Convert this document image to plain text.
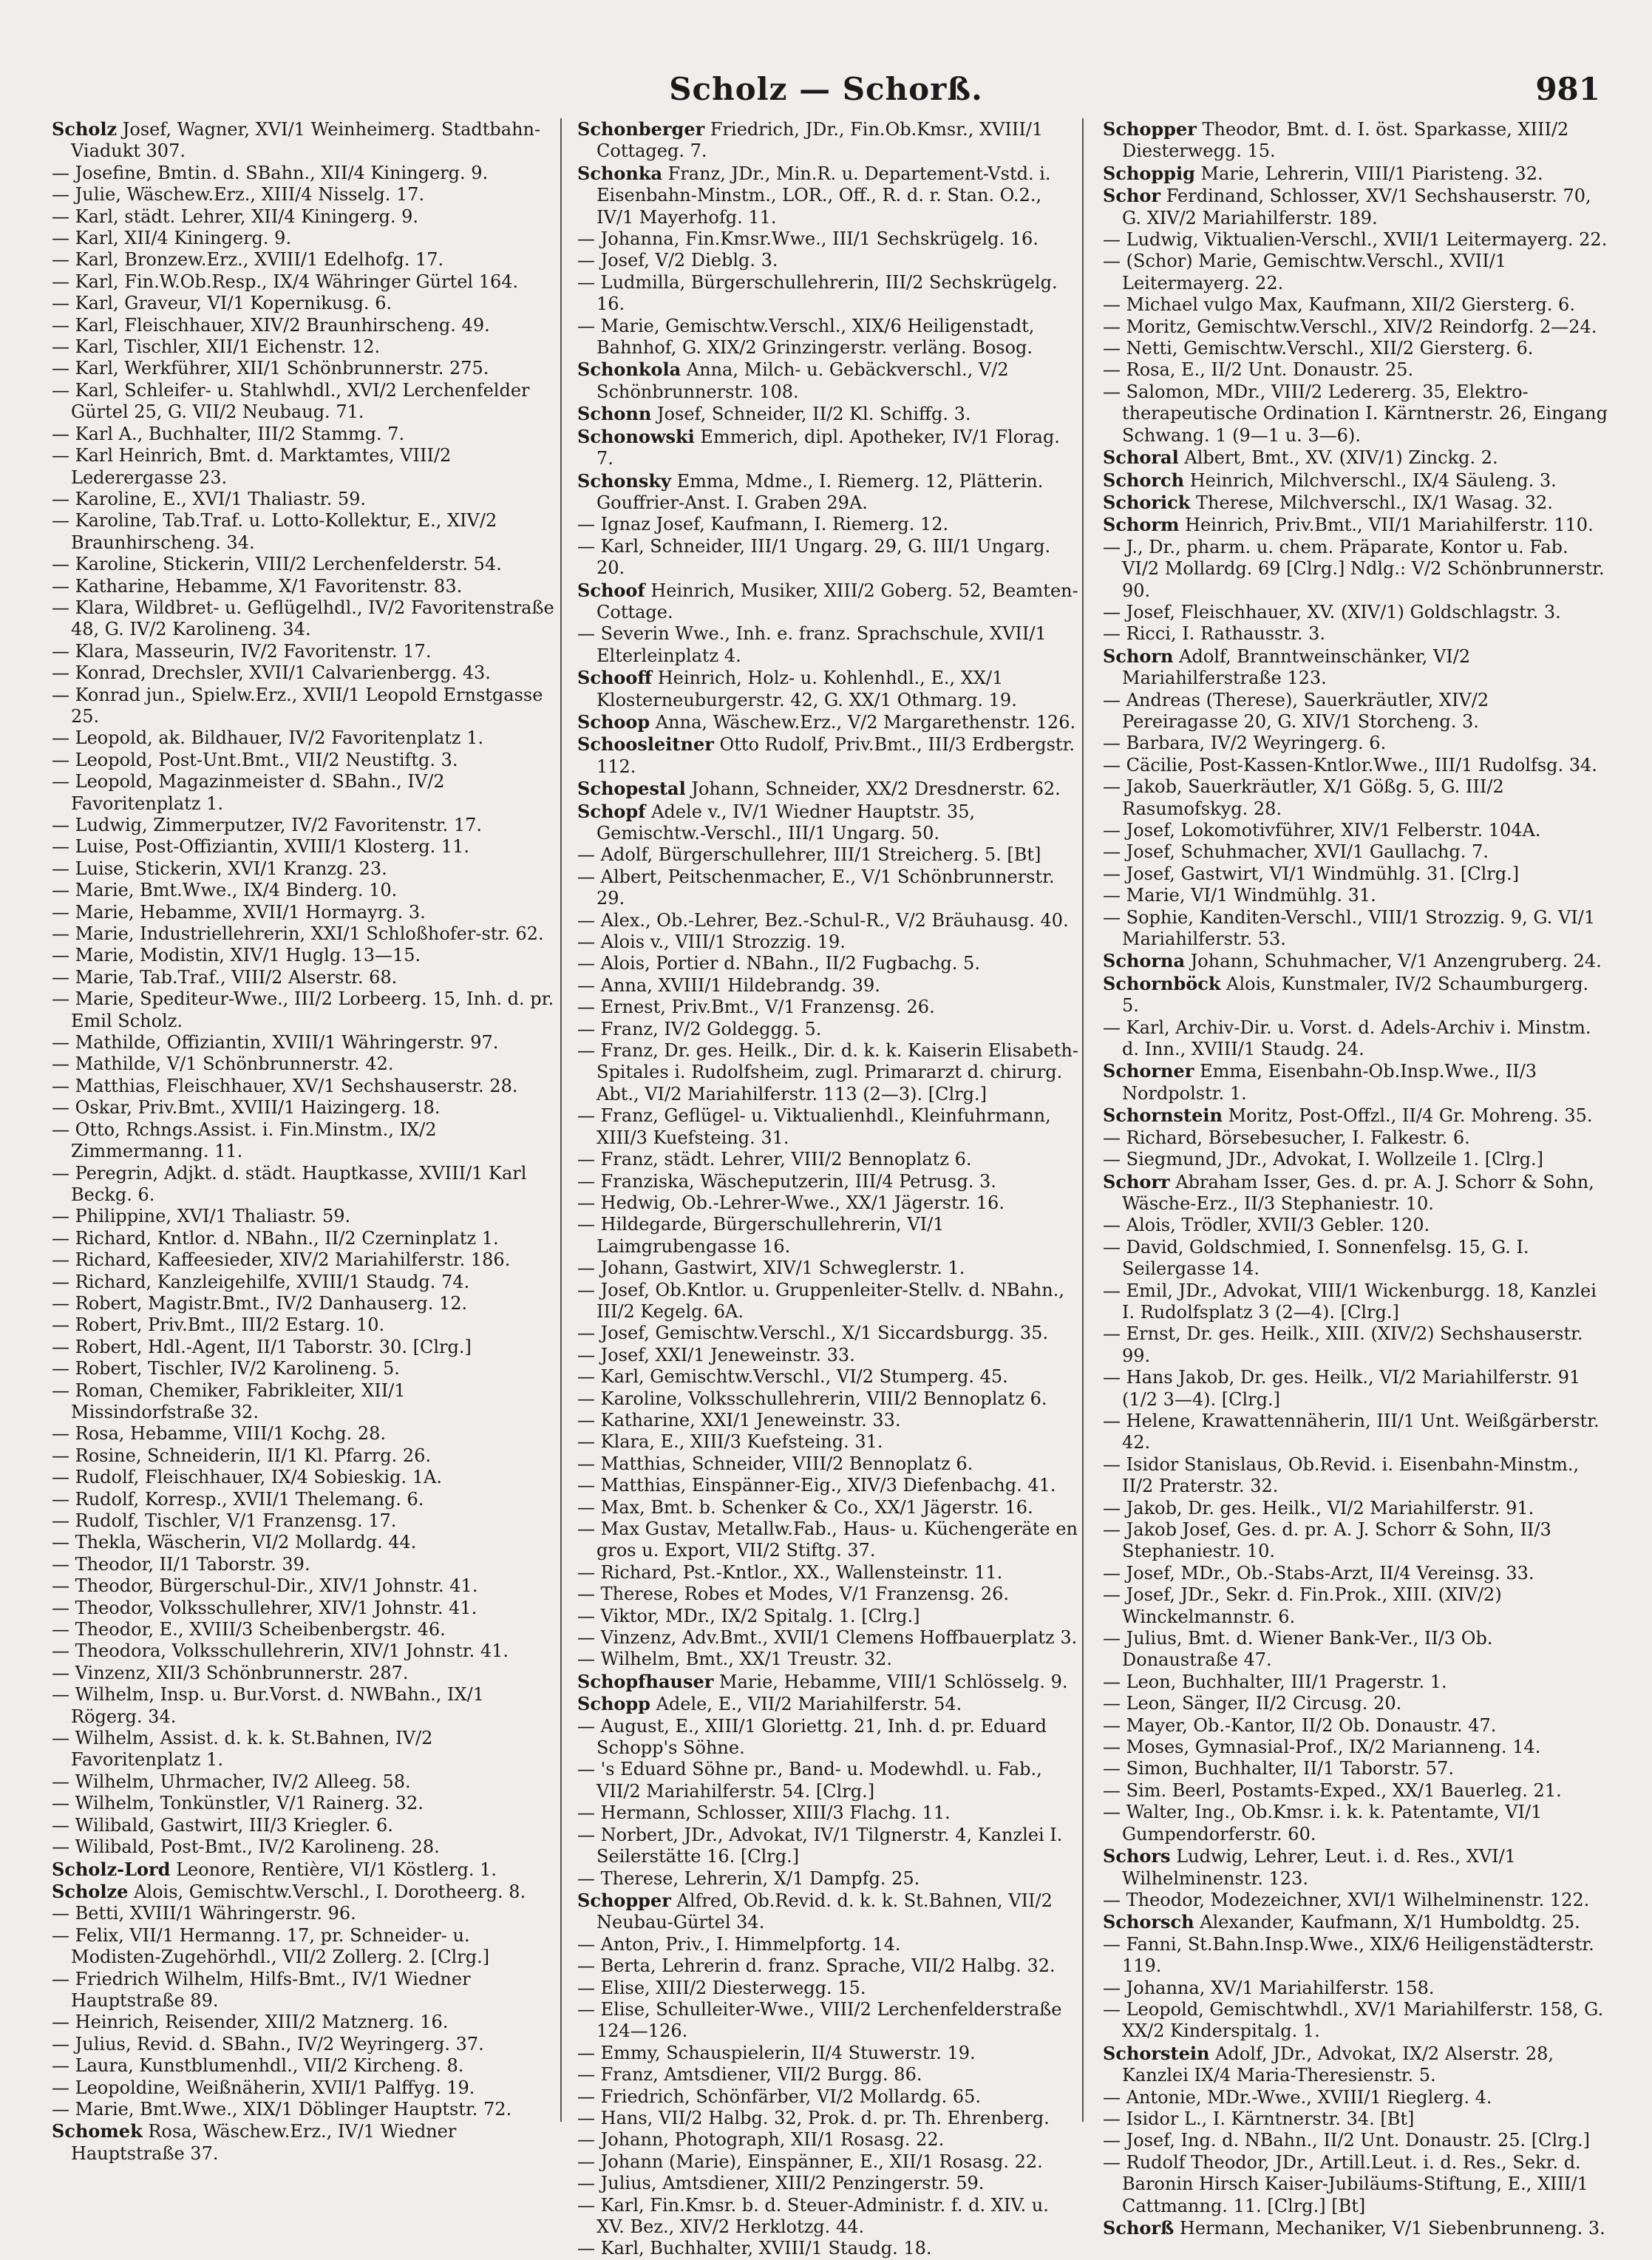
Scholz — Schorß.	981

Scholz Josef, Wagner, XVI/1 Weinheimerg. Stadtbahn-Viadukt 307.

— Josefine, Bmtin. d. SBahn., XII/4 Kiningerg. 9.

— Julie, Wäschew.Erz., XIII/4 Nisselg. 17.

— Karl, städt. Lehrer, XII/4 Kiningerg. 9.

— Karl, XII/4 Kiningerg. 9.

— Karl, Bronzew.Erz., XVIII/1 Edelhofg. 17.

— Karl, Fin.W.Ob.Resp., IX/4 Währinger Gürtel 164.

— Karl, Graveur, VI/1 Kopernikusg. 6.

— Karl, Fleischhauer, XIV/2 Braunhirscheng. 49.

— Karl, Tischler, XII/1 Eichenstr. 12.

— Karl, Werkführer, XII/1 Schönbrunnerstr. 275.

— Karl, Schleifer- u. Stahlwhdl., XVI/2 Lerchenfelder Gürtel 25, G. VII/2 Neubaug. 71.

— Karl A., Buchhalter, III/2 Stammg. 7.

— Karl Heinrich, Bmt. d. Marktamtes, VIII/2 Lederergasse 23.

— Karoline, E., XVI/1 Thaliastr. 59.

— Karoline, Tab.Traf. u. Lotto-Kollektur, E., XIV/2 Braunhirscheng. 34.

— Karoline, Stickerin, VIII/2 Lerchenfelderstr. 54.

— Katharine, Hebamme, X/1 Favoritenstr. 83.

— Klara, Wildbret- u. Geflügelhdl., IV/2 Favoritenstraße 48, G. IV/2 Karolineng. 34.

— Klara, Masseurin, IV/2 Favoritenstr. 17.

— Konrad, Drechsler, XVII/1 Calvarienbergg. 43.

— Konrad jun., Spielw.Erz., XVII/1 Leopold Ernstgasse 25.

— Leopold, ak. Bildhauer, IV/2 Favoritenplatz 1.

— Leopold, Post-Unt.Bmt., VII/2 Neustiftg. 3.

— Leopold, Magazinmeister d. SBahn., IV/2 Favoritenplatz 1.

— Ludwig, Zimmerputzer, IV/2 Favoritenstr. 17.

— Luise, Post-Offiziantin, XVIII/1 Klosterg. 11.

— Luise, Stickerin, XVI/1 Kranzg. 23.

— Marie, Bmt.Wwe., IX/4 Binderg. 10.

— Marie, Hebamme, XVII/1 Hormayrg. 3.

— Marie, Industriellehrerin, XXI/1 Schloßhofer-str. 62.

— Marie, Modistin, XIV/1 Huglg. 13—15.

— Marie, Tab.Traf., VIII/2 Alserstr. 68.

— Marie, Spediteur-Wwe., III/2 Lorbeerg. 15, Inh. d. pr. Emil Scholz.

— Mathilde, Offiziantin, XVIII/1 Währingerstr. 97.

— Mathilde, V/1 Schönbrunnerstr. 42.

— Matthias, Fleischhauer, XV/1 Sechshauserstr. 28.

— Oskar, Priv.Bmt., XVIII/1 Haizingerg. 18.

— Otto, Rchngs.Assist. i. Fin.Minstm., IX/2 Zimmermanng. 11.

— Peregrin, Adjkt. d. städt. Hauptkasse, XVIII/1 Karl Beckg. 6.

— Philippine, XVI/1 Thaliastr. 59.

— Richard, Kntlor. d. NBahn., II/2 Czerninplatz 1.

— Richard, Kaffeesieder, XIV/2 Mariahilferstr. 186.

— Richard, Kanzleigehilfe, XVIII/1 Staudg. 74.

— Robert, Magistr.Bmt., IV/2 Danhauserg. 12.

— Robert, Priv.Bmt., III/2 Estarg. 10.

— Robert, Hdl.-Agent, II/1 Taborstr. 30. [Clrg.]

— Robert, Tischler, IV/2 Karolineng. 5.

— Roman, Chemiker, Fabrikleiter, XII/1 Missindorfstraße 32.

— Rosa, Hebamme, VIII/1 Kochg. 28.

— Rosine, Schneiderin, II/1 Kl. Pfarrg. 26.

— Rudolf, Fleischhauer, IX/4 Sobieskig. 1A.

— Rudolf, Korresp., XVII/1 Thelemang. 6.

— Rudolf, Tischler, V/1 Franzensg. 17.

— Thekla, Wäscherin, VI/2 Mollardg. 44.

— Theodor, II/1 Taborstr. 39.

— Theodor, Bürgerschul-Dir., XIV/1 Johnstr. 41.

— Theodor, Volksschullehrer, XIV/1 Johnstr. 41.

— Theodor, E., XVIII/3 Scheibenbergstr. 46.

— Theodora, Volksschullehrerin, XIV/1 Johnstr. 41.

— Vinzenz, XII/3 Schönbrunnerstr. 287.

— Wilhelm, Insp. u. Bur.Vorst. d. NWBahn., IX/1 Rögerg. 34.

— Wilhelm, Assist. d. k. k. St.Bahnen, IV/2 Favoritenplatz 1.

— Wilhelm, Uhrmacher, IV/2 Alleeg. 58.

— Wilhelm, Tonkünstler, V/1 Rainerg. 32.

— Wilibald, Gastwirt, III/3 Kriegler. 6.

— Wilibald, Post-Bmt., IV/2 Karolineng. 28.

Scholz-Lord Leonore, Rentière, VI/1 Köstlerg. 1.

Scholze Alois, Gemischtw.Verschl., I. Dorotheerg. 8.

— Betti, XVIII/1 Währingerstr. 96.

— Felix, VII/1 Hermanng. 17, pr. Schneider- u. Modisten-Zugehörhdl., VII/2 Zollerg. 2. [Clrg.]

— Friedrich Wilhelm, Hilfs-Bmt., IV/1 Wiedner Hauptstraße 89.

— Heinrich, Reisender, XIII/2 Matznerg. 16.

— Julius, Revid. d. SBahn., IV/2 Weyringerg. 37.

— Laura, Kunstblumenhdl., VII/2 Kircheng. 8.

— Leopoldine, Weißnäherin, XVII/1 Palffyg. 19.

— Marie, Bmt.Wwe., XIX/1 Döblinger Hauptstr. 72.

Schomek Rosa, Wäschew.Erz., IV/1 Wiedner Hauptstraße 37.

Schonberger Friedrich, JDr., Fin.Ob.Kmsr., XVIII/1 Cottageg. 7.

Schonka Franz, JDr., Min.R. u. Departement-Vstd. i. Eisenbahn-Minstm., LOR., Off., R. d. r. Stan. O.2., IV/1 Mayerhofg. 11.

— Johanna, Fin.Kmsr.Wwe., III/1 Sechskrügelg. 16.

— Josef, V/2 Dieblg. 3.

— Ludmilla, Bürgerschullehrerin, III/2 Sechskrügelg. 16.

— Marie, Gemischtw.Verschl., XIX/6 Heiligenstadt, Bahnhof, G. XIX/2 Grinzingerstr. verläng. Bosog.

Schonkola Anna, Milch- u. Gebäckverschl., V/2 Schönbrunnerstr. 108.

Schonn Josef, Schneider, II/2 Kl. Schiffg. 3.

Schonowski Emmerich, dipl. Apotheker, IV/1 Florag. 7.

Schonsky Emma, Mdme., I. Riemerg. 12, Plätterin. Gouffrier-Anst. I. Graben 29A.

— Ignaz Josef, Kaufmann, I. Riemerg. 12.

— Karl, Schneider, III/1 Ungarg. 29, G. III/1 Ungarg. 20.

Schoof Heinrich, Musiker, XIII/2 Goberg. 52, Beamten-Cottage.

— Severin Wwe., Inh. e. franz. Sprachschule, XVII/1 Elterleinplatz 4.

Schooff Heinrich, Holz- u. Kohlenhdl., E., XX/1 Klosterneuburgerstr. 42, G. XX/1 Othmarg. 19.

Schoop Anna, Wäschew.Erz., V/2 Margarethenstr. 126.

Schoosleitner Otto Rudolf, Priv.Bmt., III/3 Erdbergstr. 112.

Schopestal Johann, Schneider, XX/2 Dresdnerstr. 62.

Schopf Adele v., IV/1 Wiedner Hauptstr. 35, Gemischtw.-Verschl., III/1 Ungarg. 50.

— Adolf, Bürgerschullehrer, III/1 Streicherg. 5. [Bt]

— Albert, Peitschenmacher, E., V/1 Schönbrunnerstr. 29.

— Alex., Ob.-Lehrer, Bez.-Schul-R., V/2 Bräuhausg. 40.

— Alois v., VIII/1 Strozzig. 19.

— Alois, Portier d. NBahn., II/2 Fugbachg. 5.

— Anna, XVIII/1 Hildebrandg. 39.

— Ernest, Priv.Bmt., V/1 Franzensg. 26.

— Franz, IV/2 Goldeggg. 5.

— Franz, Dr. ges. Heilk., Dir. d. k. k. Kaiserin Elisabeth-Spitales i. Rudolfsheim, zugl. Primararzt d. chirurg. Abt., VI/2 Mariahilferstr. 113 (2—3). [Clrg.]

— Franz, Geflügel- u. Viktualienhdl., Kleinfuhrmann, XIII/3 Kuefsteing. 31.

— Franz, städt. Lehrer, VIII/2 Bennoplatz 6.

— Franziska, Wäscheputzerin, III/4 Petrusg. 3.

— Hedwig, Ob.-Lehrer-Wwe., XX/1 Jägerstr. 16.

— Hildegarde, Bürgerschullehrerin, VI/1 Laimgrubengasse 16.

— Johann, Gastwirt, XIV/1 Schweglerstr. 1.

— Josef, Ob.Kntlor. u. Gruppenleiter-Stellv. d. NBahn., III/2 Kegelg. 6A.

— Josef, Gemischtw.Verschl., X/1 Siccardsburgg. 35.

— Josef, XXI/1 Jeneweinstr. 33.

— Karl, Gemischtw.Verschl., VI/2 Stumperg. 45.

— Karoline, Volksschullehrerin, VIII/2 Bennoplatz 6.

— Katharine, XXI/1 Jeneweinstr. 33.

— Klara, E., XIII/3 Kuefsteing. 31.

— Matthias, Schneider, VIII/2 Bennoplatz 6.

— Matthias, Einspänner-Eig., XIV/3 Diefenbachg. 41.

— Max, Bmt. b. Schenker & Co., XX/1 Jägerstr. 16.

— Max Gustav, Metallw.Fab., Haus- u. Küchengeräte en gros u. Export, VII/2 Stiftg. 37.

— Richard, Pst.-Kntlor., XX., Wallensteinstr. 11.

— Therese, Robes et Modes, V/1 Franzensg. 26.

— Viktor, MDr., IX/2 Spitalg. 1. [Clrg.]

— Vinzenz, Adv.Bmt., XVII/1 Clemens Hoffbauerplatz 3.

— Wilhelm, Bmt., XX/1 Treustr. 32.

Schopfhauser Marie, Hebamme, VIII/1 Schlösselg. 9.

Schopp Adele, E., VII/2 Mariahilferstr. 54.

— August, E., XIII/1 Gloriettg. 21, Inh. d. pr. Eduard Schopp's Söhne.

— 's Eduard Söhne pr., Band- u. Modewhdl. u. Fab., VII/2 Mariahilferstr. 54. [Clrg.]

— Hermann, Schlosser, XIII/3 Flachg. 11.

— Norbert, JDr., Advokat, IV/1 Tilgnerstr. 4, Kanzlei I. Seilerstätte 16. [Clrg.]

— Therese, Lehrerin, X/1 Dampfg. 25.

Schopper Alfred, Ob.Revid. d. k. k. St.Bahnen, VII/2 Neubau-Gürtel 34.

— Anton, Priv., I. Himmelpfortg. 14.

— Berta, Lehrerin d. franz. Sprache, VII/2 Halbg. 32.

— Elise, XIII/2 Diesterwegg. 15.

— Elise, Schulleiter-Wwe., VIII/2 Lerchenfelderstraße 124—126.

— Emmy, Schauspielerin, II/4 Stuwerstr. 19.

— Franz, Amtsdiener, VII/2 Burgg. 86.

— Friedrich, Schönfärber, VI/2 Mollardg. 65.

— Hans, VII/2 Halbg. 32, Prok. d. pr. Th. Ehrenberg.

— Johann, Photograph, XII/1 Rosasg. 22.

— Johann (Marie), Einspänner, E., XII/1 Rosasg. 22.

— Julius, Amtsdiener, XIII/2 Penzingerstr. 59.

— Karl, Fin.Kmsr. b. d. Steuer-Administr. f. d. XIV. u. XV. Bez., XIV/2 Herklotzg. 44.

— Karl, Buchhalter, XVIII/1 Staudg. 18.

Schopper Theodor, Bmt. d. I. öst. Sparkasse, XIII/2 Diesterwegg. 15.

Schoppig Marie, Lehrerin, VIII/1 Piaristeng. 32.

Schor Ferdinand, Schlosser, XV/1 Sechshauserstr. 70, G. XIV/2 Mariahilferstr. 189.

— Ludwig, Viktualien-Verschl., XVII/1 Leitermayerg. 22.

— (Schor) Marie, Gemischtw.Verschl., XVII/1 Leitermayerg. 22.

— Michael vulgo Max, Kaufmann, XII/2 Giersterg. 6.

— Moritz, Gemischtw.Verschl., XIV/2 Reindorfg. 2—24.

— Netti, Gemischtw.Verschl., XII/2 Giersterg. 6.

— Rosa, E., II/2 Unt. Donaustr. 25.

— Salomon, MDr., VIII/2 Ledererg. 35, Elektro-therapeutische Ordination I. Kärntnerstr. 26, Eingang Schwang. 1 (9—1 u. 3—6).

Schoral Albert, Bmt., XV. (XIV/1) Zinckg. 2.

Schorch Heinrich, Milchverschl., IX/4 Säuleng. 3.

Schorick Therese, Milchverschl., IX/1 Wasag. 32.

Schorm Heinrich, Priv.Bmt., VII/1 Mariahilferstr. 110.

— J., Dr., pharm. u. chem. Präparate, Kontor u. Fab. VI/2 Mollardg. 69 [Clrg.] Ndlg.: V/2 Schönbrunnerstr. 90.

— Josef, Fleischhauer, XV. (XIV/1) Goldschlagstr. 3.

— Ricci, I. Rathausstr. 3.

Schorn Adolf, Branntweinschänker, VI/2 Mariahilferstraße 123.

— Andreas (Therese), Sauerkräutler, XIV/2 Pereiragasse 20, G. XIV/1 Storcheng. 3.

— Barbara, IV/2 Weyringerg. 6.

— Cäcilie, Post-Kassen-Kntlor.Wwe., III/1 Rudolfsg. 34.

— Jakob, Sauerkräutler, X/1 Gößg. 5, G. III/2 Rasumofskyg. 28.

— Josef, Lokomotivführer, XIV/1 Felberstr. 104A.

— Josef, Schuhmacher, XVI/1 Gaullachg. 7.

— Josef, Gastwirt, VI/1 Windmühlg. 31. [Clrg.]

— Marie, VI/1 Windmühlg. 31.

— Sophie, Kanditen-Verschl., VIII/1 Strozzig. 9, G. VI/1 Mariahilferstr. 53.

Schorna Johann, Schuhmacher, V/1 Anzengruberg. 24.

Schornböck Alois, Kunstmaler, IV/2 Schaumburgerg. 5.

— Karl, Archiv-Dir. u. Vorst. d. Adels-Archiv i. Minstm. d. Inn., XVIII/1 Staudg. 24.

Schorner Emma, Eisenbahn-Ob.Insp.Wwe., II/3 Nordpolstr. 1.

Schornstein Moritz, Post-Offzl., II/4 Gr. Mohreng. 35.

— Richard, Börsebesucher, I. Falkestr. 6.

— Siegmund, JDr., Advokat, I. Wollzeile 1. [Clrg.]

Schorr Abraham Isser, Ges. d. pr. A. J. Schorr & Sohn, Wäsche-Erz., II/3 Stephaniestr. 10.

— Alois, Trödler, XVII/3 Gebler. 120.

— David, Goldschmied, I. Sonnenfelsg. 15, G. I. Seilergasse 14.

— Emil, JDr., Advokat, VIII/1 Wickenburgg. 18, Kanzlei I. Rudolfsplatz 3 (2—4). [Clrg.]

— Ernst, Dr. ges. Heilk., XIII. (XIV/2) Sechshauserstr. 99.

— Hans Jakob, Dr. ges. Heilk., VI/2 Mariahilferstr. 91 (1/2 3—4). [Clrg.]

— Helene, Krawattennäherin, III/1 Unt. Weißgärberstr. 42.

— Isidor Stanislaus, Ob.Revid. i. Eisenbahn-Minstm., II/2 Praterstr. 32.

— Jakob, Dr. ges. Heilk., VI/2 Mariahilferstr. 91.

— Jakob Josef, Ges. d. pr. A. J. Schorr & Sohn, II/3 Stephaniestr. 10.

— Josef, MDr., Ob.-Stabs-Arzt, II/4 Vereinsg. 33.

— Josef, JDr., Sekr. d. Fin.Prok., XIII. (XIV/2) Winckelmannstr. 6.

— Julius, Bmt. d. Wiener Bank-Ver., II/3 Ob. Donaustraße 47.

— Leon, Buchhalter, III/1 Pragerstr. 1.

— Leon, Sänger, II/2 Circusg. 20.

— Mayer, Ob.-Kantor, II/2 Ob. Donaustr. 47.

— Moses, Gymnasial-Prof., IX/2 Marianneng. 14.

— Simon, Buchhalter, II/1 Taborstr. 57.

— Sim. Beerl, Postamts-Exped., XX/1 Bauerleg. 21.

— Walter, Ing., Ob.Kmsr. i. k. k. Patentamte, VI/1 Gumpendorferstr. 60.

Schors Ludwig, Lehrer, Leut. i. d. Res., XVI/1 Wilhelminenstr. 123.

— Theodor, Modezeichner, XVI/1 Wilhelminenstr. 122.

Schorsch Alexander, Kaufmann, X/1 Humboldtg. 25.

— Fanni, St.Bahn.Insp.Wwe., XIX/6 Heiligenstädterstr. 119.

— Johanna, XV/1 Mariahilferstr. 158.

— Leopold, Gemischtwhdl., XV/1 Mariahilferstr. 158, G. XX/2 Kinderspitalg. 1.

Schorstein Adolf, JDr., Advokat, IX/2 Alserstr. 28, Kanzlei IX/4 Maria-Theresienstr. 5.

— Antonie, MDr.-Wwe., XVIII/1 Rieglerg. 4.

— Isidor L., I. Kärntnerstr. 34. [Bt]

— Josef, Ing. d. NBahn., II/2 Unt. Donaustr. 25. [Clrg.]

— Rudolf Theodor, JDr., Artill.Leut. i. d. Res., Sekr. d. Baronin Hirsch Kaiser-Jubiläums-Stiftung, E., XIII/1 Cattmanng. 11. [Clrg.] [Bt]

Schorß Hermann, Mechaniker, V/1 Siebenbrunneng. 3.
